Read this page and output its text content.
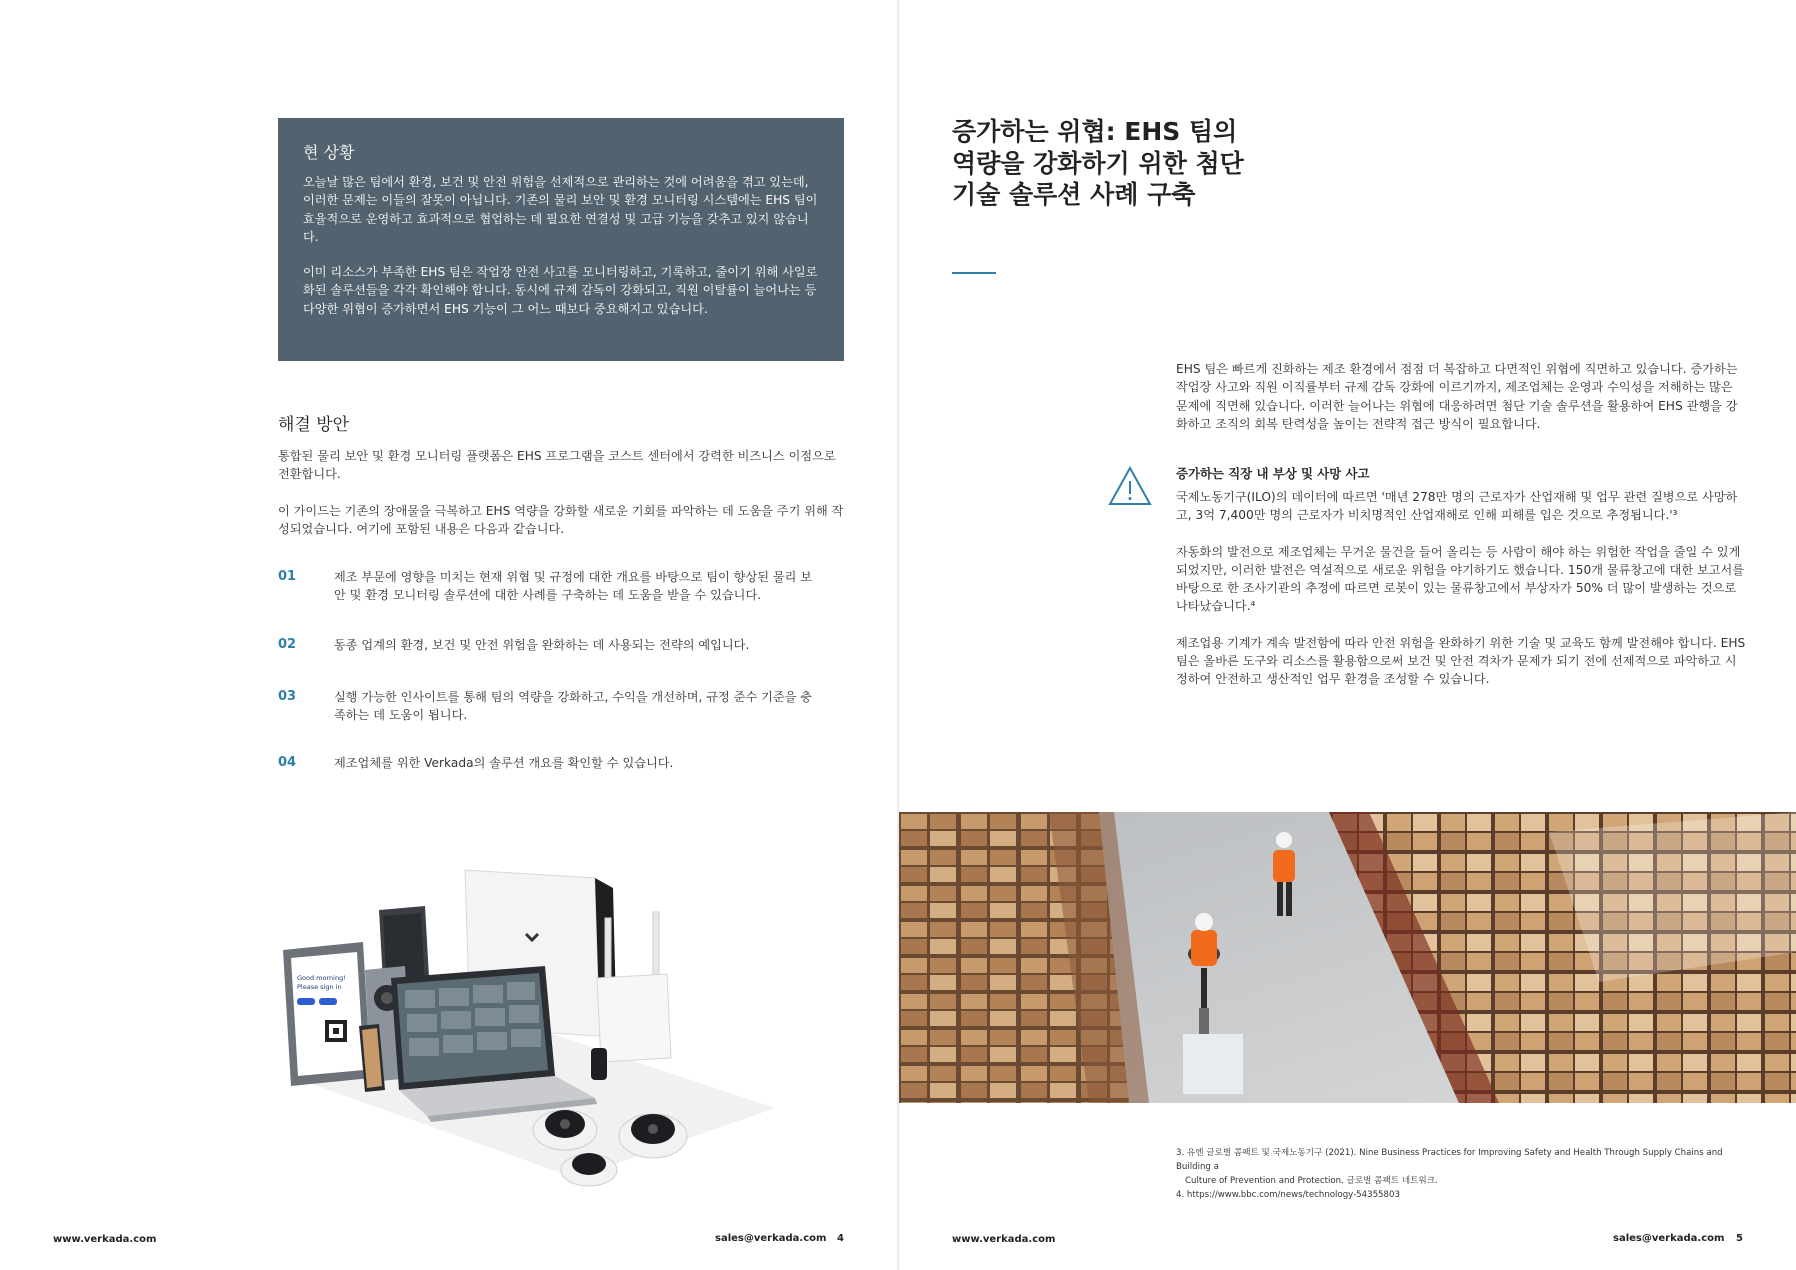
현 상황

오늘날 많은 팀에서 환경, 보건 및 안전 위험을 선제적으로 관리하는 것에 어려움을 겪고 있는데, 이러한 문제는 이들의 잘못이 아닙니다. 기존의 물리 보안 및 환경 모니터링 시스템에는 EHS 팀이 효율적으로 운영하고 효과적으로 협업하는 데 필요한 연결성 및 고급 기능을 갖추고 있지 않습니다.

이미 리소스가 부족한 EHS 팀은 작업장 안전 사고를 모니터링하고, 기록하고, 줄이기 위해 사일로화된 솔루션들을 각각 확인해야 합니다. 동시에 규제 감독이 강화되고, 직원 이탈률이 늘어나는 등 다양한 위협이 증가하면서 EHS 기능이 그 어느 때보다 중요해지고 있습니다.

해결 방안

통합된 물리 보안 및 환경 모니터링 플랫폼은 EHS 프로그램을 코스트 센터에서 강력한 비즈니스 이점으로 전환합니다.

이 가이드는 기존의 장애물을 극복하고 EHS 역량을 강화할 새로운 기회를 파악하는 데 도움을 주기 위해 작성되었습니다. 여기에 포함된 내용은 다음과 같습니다.

01	제조 부문에 영향을 미치는 현재 위협 및 규정에 대한 개요를 바탕으로 팀이 향상된 물리 보안 및 환경 모니터링 솔루션에 대한 사례를 구축하는 데 도움을 받을 수 있습니다.
02	동종 업계의 환경, 보건 및 안전 위험을 완화하는 데 사용되는 전략의 예입니다.
03	실행 가능한 인사이트를 통해 팀의 역량을 강화하고, 수익을 개선하며, 규정 준수 기준을 충족하는 데 도움이 됩니다.
04	제조업체를 위한 Verkada의 솔루션 개요를 확인할 수 있습니다.
Good morning!
Please sign in
www.verkada.com	sales@verkada.com 4
증가하는 위협: EHS 팀의 역량을 강화하기 위한 첨단 기술 솔루션 사례 구축

EHS 팀은 빠르게 진화하는 제조 환경에서 점점 더 복잡하고 다면적인 위협에 직면하고 있습니다. 증가하는 작업장 사고와 직원 이직률부터 규제 감독 강화에 이르기까지, 제조업체는 운영과 수익성을 저해하는 많은 문제에 직면해 있습니다. 이러한 늘어나는 위협에 대응하려면 첨단 기술 솔루션을 활용하여 EHS 관행을 강화하고 조직의 회복 탄력성을 높이는 전략적 접근 방식이 필요합니다.

증가하는 직장 내 부상 및 사망 사고

국제노동기구(ILO)의 데이터에 따르면 '매년 278만 명의 근로자가 산업재해 및 업무 관련 질병으로 사망하고, 3억 7,400만 명의 근로자가 비치명적인 산업재해로 인해 피해를 입은 것으로 추정됩니다.'³

자동화의 발전으로 제조업체는 무거운 물건을 들어 올리는 등 사람이 해야 하는 위험한 작업을 줄일 수 있게 되었지만, 이러한 발전은 역설적으로 새로운 위험을 야기하기도 했습니다. 150개 물류창고에 대한 보고서를 바탕으로 한 조사기관의 추정에 따르면 로봇이 있는 물류창고에서 부상자가 50% 더 많이 발생하는 것으로 나타났습니다.⁴

제조업용 기계가 계속 발전함에 따라 안전 위험을 완화하기 위한 기술 및 교육도 함께 발전해야 합니다. EHS 팀은 올바른 도구와 리소스를 활용함으로써 보건 및 안전 격차가 문제가 되기 전에 선제적으로 파악하고 시정하여 안전하고 생산적인 업무 환경을 조성할 수 있습니다.

3. 유엔 글로벌 콤팩트 및 국제노동기구 (2021). Nine Business Practices for Improving Safety and Health Through Supply Chains and Building a
Culture of Prevention and Protection. 글로벌 콤팩트 네트워크.
4. https://www.bbc.com/news/technology-54355803
www.verkada.com	sales@verkada.com 5
